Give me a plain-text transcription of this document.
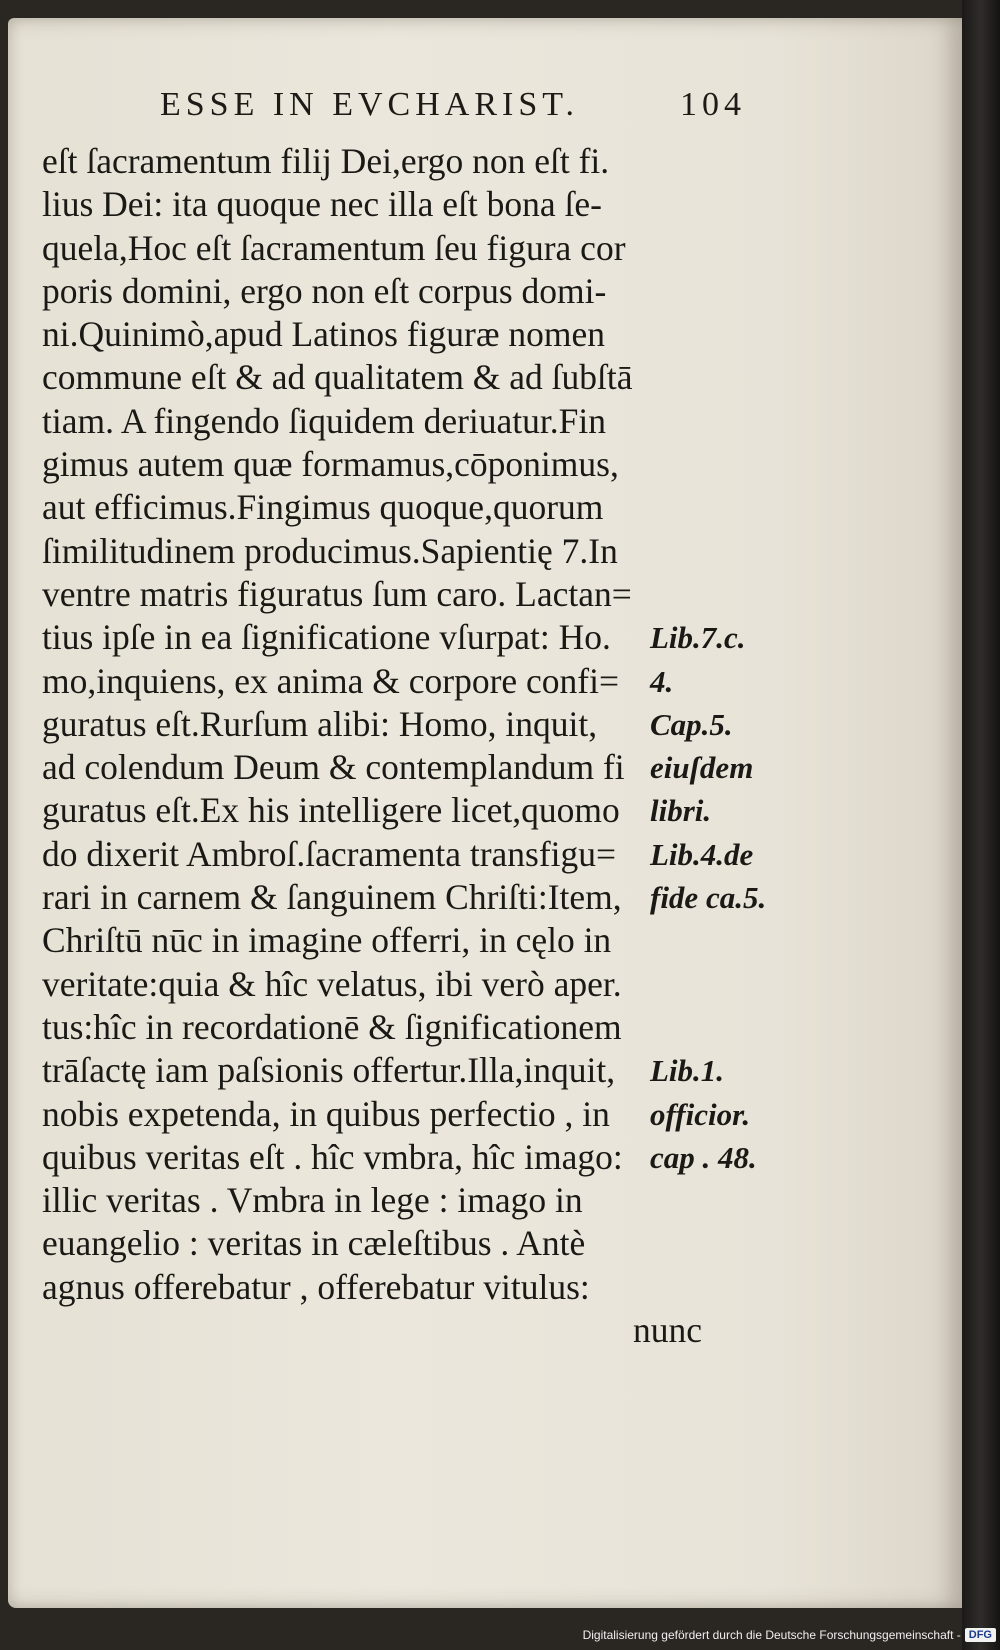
ESSE IN EVCHARIST.	104
eſt ſacramentum filij Dei,ergo non eſt fi.
lius Dei: ita quoque nec illa eſt bona ſe-
quela,Hoc eſt ſacramentum ſeu figura cor
poris domini, ergo non eſt corpus domi-
ni.Quinimò,apud Latinos figuræ nomen
commune eſt & ad qualitatem & ad ſubſtā
tiam. A fingendo ſiquidem deriuatur.Fin
gimus autem quæ formamus,cōponimus,
aut efficimus.Fingimus quoque,quorum
ſimilitudinem producimus.Sapientię 7.In
ventre matris figuratus ſum caro. Lactan=
tius ipſe in ea ſignificatione vſurpat: Ho.
mo,inquiens, ex anima & corpore confi=
guratus eſt.Rurſum alibi: Homo, inquit,
ad colendum Deum & contemplandum fi
guratus eſt.Ex his intelligere licet,quomo
do dixerit Ambroſ.ſacramenta transfigu=
rari in carnem & ſanguinem Chriſti:Item,
Chriſtū nūc in imagine offerri, in cęlo in
veritate:quia & hîc velatus, ibi verò aper.
tus:hîc in recordationē & ſignificationem
trāſactę iam paſsionis offertur.Illa,inquit,
nobis expetenda, in quibus perfectio , in
quibus veritas eſt . hîc vmbra, hîc imago:
illic veritas . Vmbra in lege : imago in
euangelio : veritas in cæleſtibus . Antè
agnus offerebatur , offerebatur vitulus:
nunc
Lib.7.c.
4.
Cap.5.
eiuſdem
libri.
Lib.4.de
fide ca.5.
Lib.1.
officior.
cap . 48.
Digitalisierung gefördert durch die Deutsche Forschungsgemeinschaft - DFG
